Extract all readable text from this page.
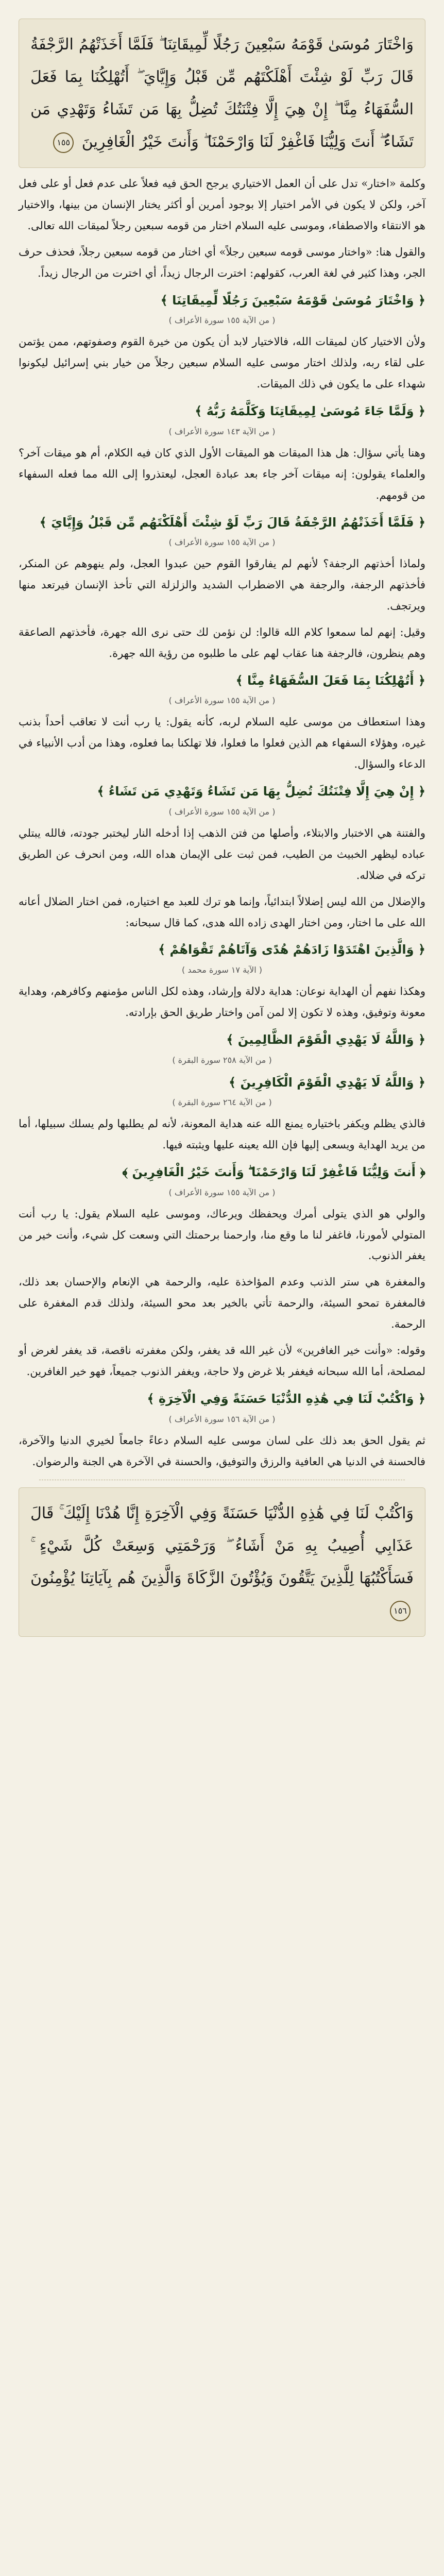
وَاخْتَارَ مُوسَىٰ قَوْمَهُ سَبْعِينَ رَجُلًا لِّمِيقَاتِنَا ۖ فَلَمَّا أَخَذَتْهُمُ الرَّجْفَةُ قَالَ رَبِّ لَوْ شِئْتَ أَهْلَكْتَهُم مِّن قَبْلُ وَإِيَّايَ ۖ أَتُهْلِكُنَا بِمَا فَعَلَ السُّفَهَاءُ مِنَّا ۖ إِنْ هِيَ إِلَّا فِتْنَتُكَ تُضِلُّ بِهَا مَن تَشَاءُ وَتَهْدِي مَن تَشَاءُ ۖ أَنتَ وَلِيُّنَا فَاغْفِرْ لَنَا وَارْحَمْنَا ۖ وَأَنتَ خَيْرُ الْغَافِرِينَ ١٥٥
وكلمة «اختار» تدل على أن العمل الاختياري يرجح الحق فيه فعلاً على عدم فعل أو على فعل آخر، ولكن لا يكون في الأمر اختيار إلا بوجود أمرين أو أكثر يختار الإنسان من بينها، والاختيار هو الانتقاء والاصطفاء، وموسى عليه السلام اختار من قومه سبعين رجلاً لميقات الله تعالى.
والقول هنا: «واختار موسى قومه سبعين رجلاً» أي اختار من قومه سبعين رجلاً، فحذف حرف الجر، وهذا كثير في لغة العرب، كقولهم: اخترت الرجال زيداً، أي اخترت من الرجال زيداً.
﴿ وَاخْتَارَ مُوسَىٰ قَوْمَهُ سَبْعِينَ رَجُلًا لِّمِيقَاتِنَا ﴾
( من الآية ١٥٥ سورة الأعراف )
ولأن الاختيار كان لميقات الله، فالاختيار لابد أن يكون من خيرة القوم وصفوتهم، ممن يؤتمن على لقاء ربه، ولذلك اختار موسى عليه السلام سبعين رجلاً من خيار بني إسرائيل ليكونوا شهداء على ما يكون في ذلك الميقات.
﴿ وَلَمَّا جَاءَ مُوسَىٰ لِمِيقَاتِنَا وَكَلَّمَهُ رَبُّهُ ﴾
( من الآية ١٤٣ سورة الأعراف )
وهنا يأتي سؤال: هل هذا الميقات هو الميقات الأول الذي كان فيه الكلام، أم هو ميقات آخر؟ والعلماء يقولون: إنه ميقات آخر جاء بعد عبادة العجل، ليعتذروا إلى الله مما فعله السفهاء من قومهم.
﴿ فَلَمَّا أَخَذَتْهُمُ الرَّجْفَةُ قَالَ رَبِّ لَوْ شِئْتَ أَهْلَكْتَهُم مِّن قَبْلُ وَإِيَّايَ ﴾
( من الآية ١٥٥ سورة الأعراف )
ولماذا أخذتهم الرجفة؟ لأنهم لم يفارقوا القوم حين عبدوا العجل، ولم ينهوهم عن المنكر، فأخذتهم الرجفة، والرجفة هي الاضطراب الشديد والزلزلة التي تأخذ الإنسان فيرتعد منها ويرتجف.
وقيل: إنهم لما سمعوا كلام الله قالوا: لن نؤمن لك حتى نرى الله جهرة، فأخذتهم الصاعقة وهم ينظرون، فالرجفة هنا عقاب لهم على ما طلبوه من رؤية الله جهرة.
﴿ أَتُهْلِكُنَا بِمَا فَعَلَ السُّفَهَاءُ مِنَّا ﴾
( من الآية ١٥٥ سورة الأعراف )
وهذا استعطاف من موسى عليه السلام لربه، كأنه يقول: يا رب أنت لا تعاقب أحداً بذنب غيره، وهؤلاء السفهاء هم الذين فعلوا ما فعلوا، فلا تهلكنا بما فعلوه، وهذا من أدب الأنبياء في الدعاء والسؤال.
﴿ إِنْ هِيَ إِلَّا فِتْنَتُكَ تُضِلُّ بِهَا مَن تَشَاءُ وَتَهْدِي مَن تَشَاءُ ﴾
( من الآية ١٥٥ سورة الأعراف )
والفتنة هي الاختبار والابتلاء، وأصلها من فتن الذهب إذا أدخله النار ليختبر جودته، فالله يبتلي عباده ليظهر الخبيث من الطيب، فمن ثبت على الإيمان هداه الله، ومن انحرف عن الطريق تركه في ضلاله.
والإضلال من الله ليس إضلالاً ابتدائياً، وإنما هو ترك للعبد مع اختياره، فمن اختار الضلال أعانه الله على ما اختار، ومن اختار الهدى زاده الله هدى، كما قال سبحانه:
﴿ وَالَّذِينَ اهْتَدَوْا زَادَهُمْ هُدًى وَآتَاهُمْ تَقْوَاهُمْ ﴾
( الآية ١٧ سورة محمد )
وهكذا نفهم أن الهداية نوعان: هداية دلالة وإرشاد، وهذه لكل الناس مؤمنهم وكافرهم، وهداية معونة وتوفيق، وهذه لا تكون إلا لمن آمن واختار طريق الحق بإرادته.
﴿ وَاللَّهُ لَا يَهْدِي الْقَوْمَ الظَّالِمِينَ ﴾
( من الآية ٢٥٨ سورة البقرة )
﴿ وَاللَّهُ لَا يَهْدِي الْقَوْمَ الْكَافِرِينَ ﴾
( من الآية ٢٦٤ سورة البقرة )
فالذي يظلم ويكفر باختياره يمنع الله عنه هداية المعونة، لأنه لم يطلبها ولم يسلك سبيلها، أما من يريد الهداية ويسعى إليها فإن الله يعينه عليها ويثبته فيها.
﴿ أَنتَ وَلِيُّنَا فَاغْفِرْ لَنَا وَارْحَمْنَا ۖ وَأَنتَ خَيْرُ الْغَافِرِينَ ﴾
( من الآية ١٥٥ سورة الأعراف )
والولي هو الذي يتولى أمرك ويحفظك ويرعاك، وموسى عليه السلام يقول: يا رب أنت المتولي لأمورنا، فاغفر لنا ما وقع منا، وارحمنا برحمتك التي وسعت كل شيء، وأنت خير من يغفر الذنوب.
والمغفرة هي ستر الذنب وعدم المؤاخذة عليه، والرحمة هي الإنعام والإحسان بعد ذلك، فالمغفرة تمحو السيئة، والرحمة تأتي بالخير بعد محو السيئة، ولذلك قدم المغفرة على الرحمة.
وقوله: «وأنت خير الغافرين» لأن غير الله قد يغفر، ولكن مغفرته ناقصة، قد يغفر لغرض أو لمصلحة، أما الله سبحانه فيغفر بلا غرض ولا حاجة، ويغفر الذنوب جميعاً، فهو خير الغافرين.
﴿ وَاكْتُبْ لَنَا فِي هَٰذِهِ الدُّنْيَا حَسَنَةً وَفِي الْآخِرَةِ ﴾
( من الآية ١٥٦ سورة الأعراف )
ثم يقول الحق بعد ذلك على لسان موسى عليه السلام دعاءً جامعاً لخيري الدنيا والآخرة، فالحسنة في الدنيا هي العافية والرزق والتوفيق، والحسنة في الآخرة هي الجنة والرضوان.
وَاكْتُبْ لَنَا فِي هَٰذِهِ الدُّنْيَا حَسَنَةً وَفِي الْآخِرَةِ إِنَّا هُدْنَا إِلَيْكَ ۚ قَالَ عَذَابِي أُصِيبُ بِهِ مَنْ أَشَاءُ ۖ وَرَحْمَتِي وَسِعَتْ كُلَّ شَيْءٍ ۚ فَسَأَكْتُبُهَا لِلَّذِينَ يَتَّقُونَ وَيُؤْتُونَ الزَّكَاةَ وَالَّذِينَ هُم بِآيَاتِنَا يُؤْمِنُونَ ١٥٦
